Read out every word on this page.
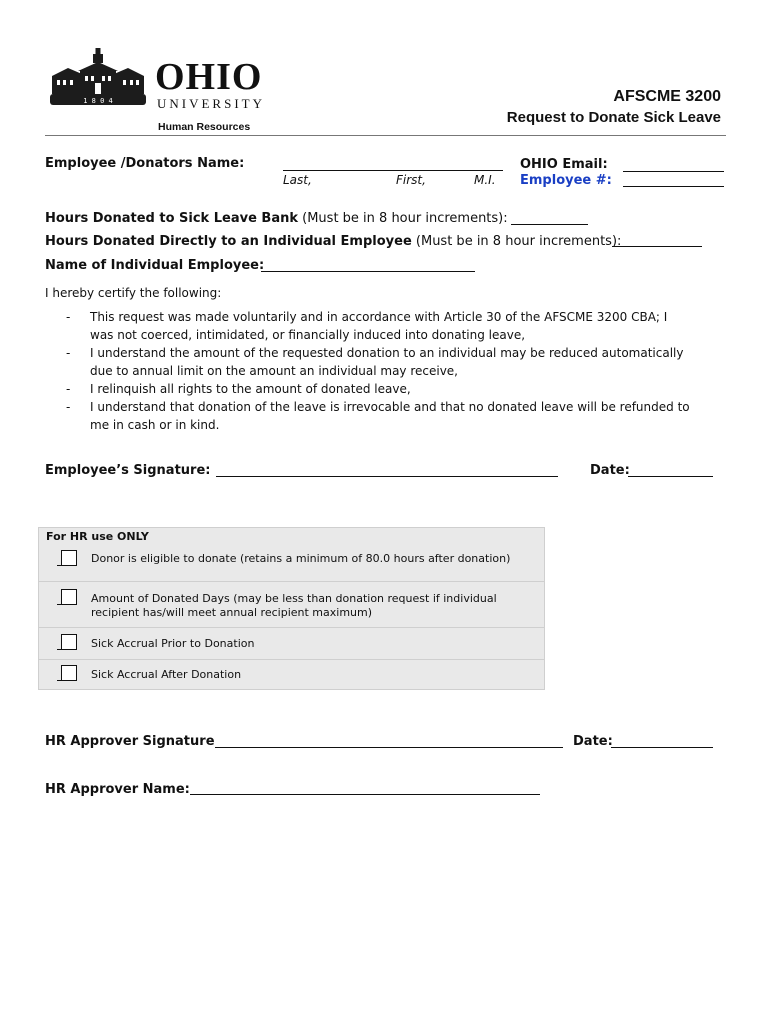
1 8 0 4
OHIO
UNIVERSITY
Human Resources
AFSCME 3200
Request to Donate Sick Leave
Employee /Donators Name:
Last,	First,	M.I.
OHIO Email:
Employee #:
Hours Donated to Sick Leave Bank (Must be in 8 hour increments):
Hours Donated Directly to an Individual Employee (Must be in 8 hour increments):
Name of Individual Employee:
I hereby certify the following:
- This request was made voluntarily and in accordance with Article 30 of the AFSCME 3200 CBA; I
was not coerced, intimidated, or financially induced into donating leave,
- I understand the amount of the requested donation to an individual may be reduced automatically
due to annual limit on the amount an individual may receive,
- I relinquish all rights to the amount of donated leave,
- I understand that donation of the leave is irrevocable and that no donated leave will be refunded to
me in cash or in kind.
Employee’s Signature:	Date:
For HR use ONLY
Donor is eligible to donate (retains a minimum of 80.0 hours after donation)
Amount of Donated Days (may be less than donation request if individual
recipient has/will meet annual recipient maximum)
Sick Accrual Prior to Donation
Sick Accrual After Donation
HR Approver Signature	Date:
HR Approver Name:
